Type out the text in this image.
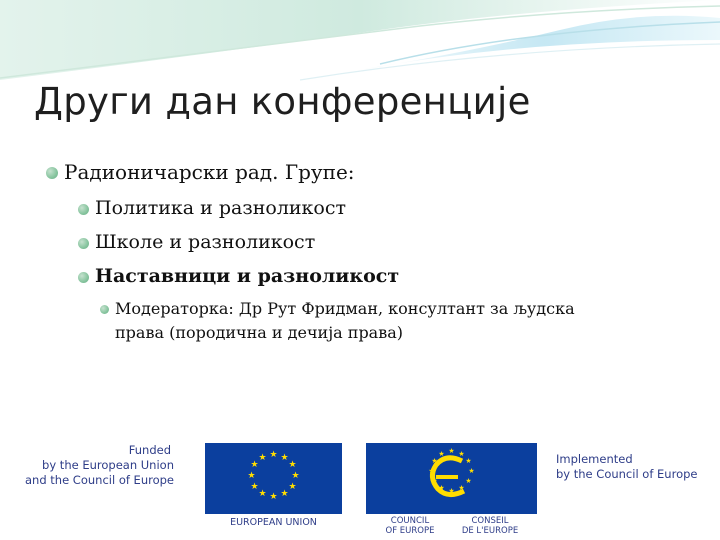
Други дан конференције
Радионичарски рад. Групе:
Политика и разноликост
Школе и разноликост
Наставници и разноликост
Модераторка: Др Рут Фридман, консултант за људска
права (породична и дечија права)
Funded
by the European Union
and the Council of Europe
★ ★
★
★
★
★
★
★
★
★
★
★
EUROPEAN UNION
★ ★
★
★
★
★
★
★
★
★
★
★
COUNCIL
OF EUROPE
CONSEIL
DE L'EUROPE
Implemented
by the Council of Europe
